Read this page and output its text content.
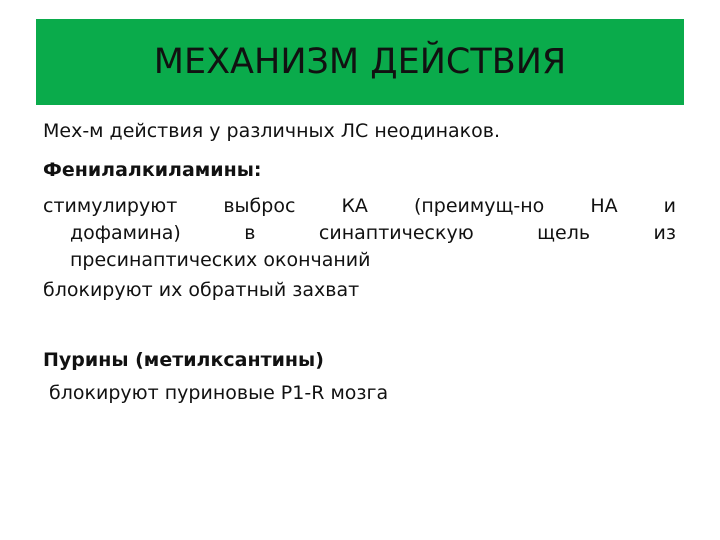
МЕХАНИЗМ ДЕЙСТВИЯ
Мех-м действия у различных ЛС неодинаков.
Фенилалкиламины:
стимулируют выброс КА (преимущ-но НА и
дофамина)	в	синаптическую	щель	из
пресинаптических окончаний
блокируют их обратный захват
Пурины (метилксантины)
блокируют пуриновые Р1-R мозга
